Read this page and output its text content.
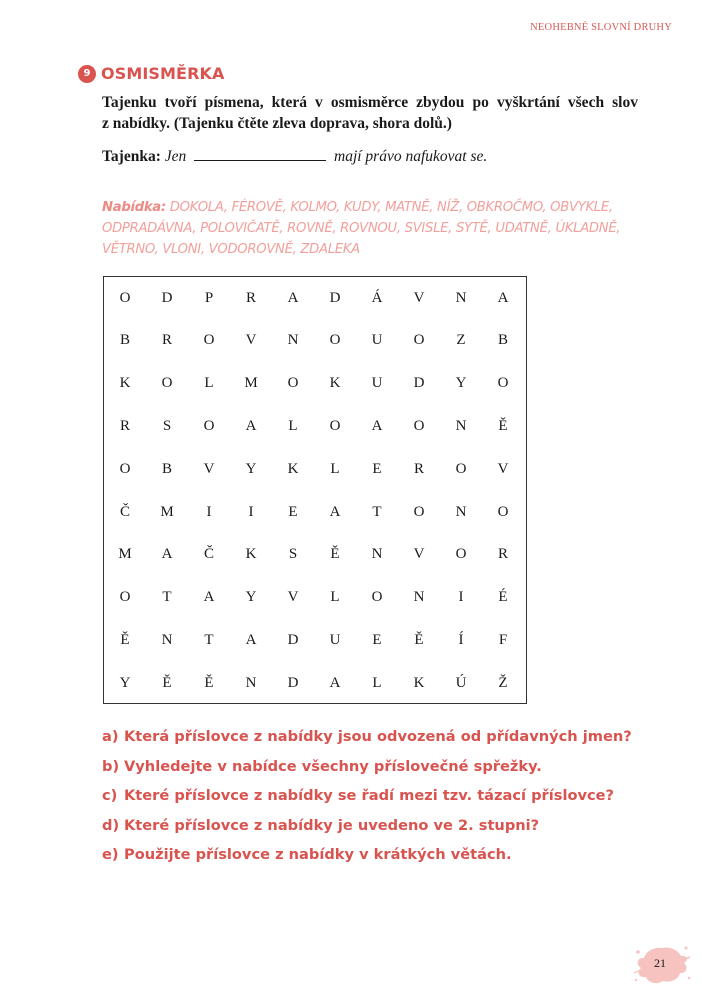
NEOHEBNÉ SLOVNÍ DRUHY
9 OSMISMĚRKA
Tajenku tvoří písmena, která v osmisměrce zbydou po vyškrtání všech slov
z nabídky. (Tajenku čtěte zleva doprava, shora dolů.)
Tajenka: Jen	mají právo nafukovat se.
Nabídka: DOKOLA, FÉROVĚ, KOLMO, KUDY, MATNĚ, NÍŽ, OBKROČMO, OBVYKLE,
ODPRADÁVNA, POLOVIČATĚ, ROVNĚ, ROVNOU, SVISLE, SYTĚ, UDATNĚ, ÚKLADNĚ,
VĚTRNO, VLONI, VODOROVNĚ, ZDALEKA
O	D	P	R	A	D	Á	V	N	A
B	R	O	V	N	O	U	O	Z	B
K	O	L	M	O	K	U	D	Y	O
R	S	O	A	L	O	A	O	N	Ě
O	B	V	Y	K	L	E	R	O	V
Č	M	I	I	E	A	T	O	N	O
M	A	Č	K	S	Ě	N	V	O	R
O	T	A	Y	V	L	O	N	I	É
Ě	N	T	A	D	U	E	Ě	Í	F
Y	Ě	Ě	N	D	A	L	K	Ú	Ž
a) Která příslovce z nabídky jsou odvozená od přídavných jmen?
b) Vyhledejte v nabídce všechny příslovečné spřežky.
c) Které příslovce z nabídky se řadí mezi tzv. tázací příslovce?
d) Které příslovce z nabídky je uvedeno ve 2. stupni?
e) Použijte příslovce z nabídky v krátkých větách.
21
